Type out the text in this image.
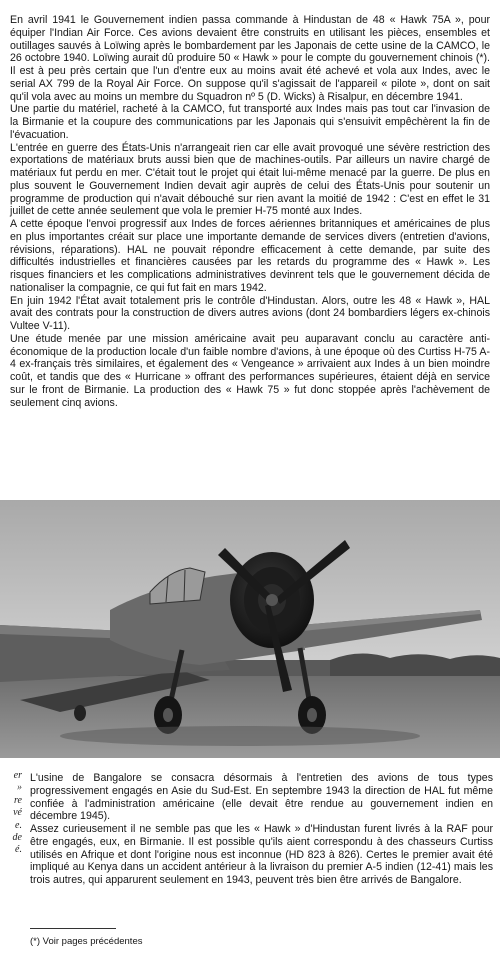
En avril 1941 le Gouvernement indien passa commande à Hindustan de 48 « Hawk 75A », pour équiper l'Indian Air Force. Ces avions devaient être construits en utilisant les pièces, ensembles et outillages sauvés à Loïwing après le bombardement par les Japonais de cette usine de la CAMCO, le 26 octobre 1940. Loïwing aurait dû produire 50 « Hawk » pour le compte du gouvernement chinois (*). Il est à peu près certain que l'un d'entre eux au moins avait été achevé et vola aux Indes, avec le serial AX 799 de la Royal Air Force. On suppose qu'il s'agissait de l'appareil « pilote », dont on sait qu'il vola avec au moins un membre du Squadron nº 5 (D. Wicks) à Risalpur, en décembre 1941.

Une partie du matériel, racheté à la CAMCO, fut transporté aux Indes mais pas tout car l'invasion de la Birmanie et la coupure des communications par les Japonais qui s'ensuivit empêchèrent la fin de l'évacuation.

L'entrée en guerre des États-Unis n'arrangeait rien car elle avait provoqué une sévère restriction des exportations de matériaux bruts aussi bien que de machines-outils. Par ailleurs un navire chargé de matériaux fut perdu en mer. C'était tout le projet qui était lui-même menacé par la guerre. De plus en plus souvent le Gouvernement Indien devait agir auprès de celui des États-Unis pour soutenir un programme de production qui n'avait débouché sur rien avant la moitié de 1942 : C'est en effet le 31 juillet de cette année seulement que vola le premier H-75 monté aux Indes.

A cette époque l'envoi progressif aux Indes de forces aériennes britanniques et américaines de plus en plus importantes créait sur place une importante demande de services divers (entretien d'avions, révisions, réparations). HAL ne pouvait répondre efficacement à cette demande, par suite des difficultés industrielles et financières causées par les retards du programme des « Hawk ». Les risques financiers et les complications administratives devinrent tels que le gouvernement décida de nationaliser la compagnie, ce qui fut fait en mars 1942.

En juin 1942 l'État avait totalement pris le contrôle d'Hindustan. Alors, outre les 48 « Hawk », HAL avait des contrats pour la construction de divers autres avions (dont 24 bombardiers légers ex-chinois Vultee V-11).

Une étude menée par une mission américaine avait peu auparavant conclu au caractère anti-économique de la production locale d'un faible nombre d'avions, à une époque où des Curtiss H-75 A-4 ex-français très similaires, et également des « Vengeance » arrivaient aux Indes à un bien moindre coût, et tandis que des « Hurricane » offrant des performances supérieures, étaient déjà en service sur le front de Birmanie. La production des « Hawk 75 » fut donc stoppée après l'achèvement de seulement cinq avions.

er
»
re
vé
e.
de
é.

L'usine de Bangalore se consacra désormais à l'entretien des avions de tous types progressivement engagés en Asie du Sud-Est. En septembre 1943 la direction de HAL fut même confiée à l'administration américaine (elle devait être rendue au gouvernement indien en décembre 1945).

Assez curieusement il ne semble pas que les « Hawk » d'Hindustan furent livrés à la RAF pour être engagés, eux, en Birmanie. Il est possible qu'ils aient correspondu à des chasseurs Curtiss utilisés en Afrique et dont l'origine nous est inconnue (HD 823 à 826). Certes le premier avait été impliqué au Kenya dans un accident antérieur à la livraison du premier A-5 indien (12-41) mais les trois autres, qui apparurent seulement en 1943, peuvent très bien être arrivés de Bangalore.

(*) Voir pages précédentes
